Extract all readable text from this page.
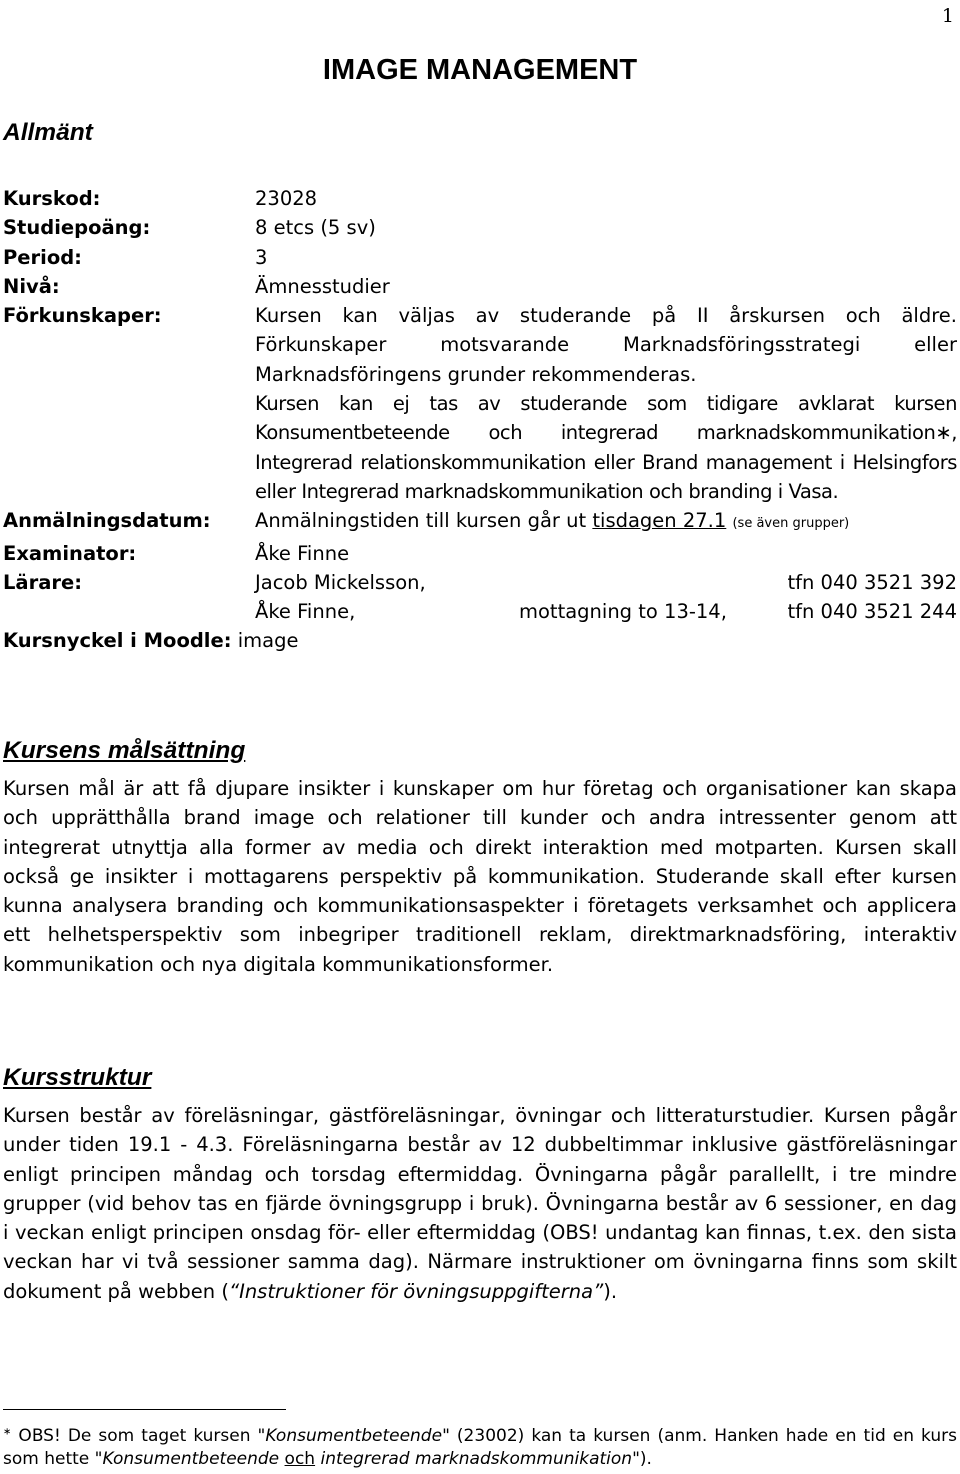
1
IMAGE MANAGEMENT
Allmänt
Kurskod:	23028
Studiepoäng:	8 etcs (5 sv)
Period:	3
Nivå:	Ämnesstudier
Förkunskaper:	Kursen kan väljas av studerande på II årskursen och äldre. Förkunskaper motsvarande Marknadsföringsstrategi eller Marknadsföringens grunder rekommenderas.
Kursen kan ej tas av studerande som tidigare avklarat kursen Konsumentbeteende och integrerad marknadskommunikation∗, Integrerad relationskommunikation eller Brand management i Helsingfors eller Integrerad marknadskommunikation och branding i Vasa.
Anmälningsdatum:	Anmälningstiden till kursen går ut tisdagen 27.1 (se även grupper)
Examinator:	Åke Finne
Lärare:	Jacob Mickelsson,	tfn 040 3521 392
Åke Finne,	mottagning to 13-14,	tfn 040 3521 244
Kursnyckel i Moodle: image
Kursens målsättning
Kursen mål är att få djupare insikter i kunskaper om hur företag och organisationer kan skapa och upprätthålla brand image och relationer till kunder och andra intressenter genom att integrerat utnyttja alla former av media och direkt interaktion med motparten. Kursen skall också ge insikter i mottagarens perspektiv på kommunikation. Studerande skall efter kursen kunna analysera branding och kommunikationsaspekter i företagets verksamhet och applicera ett helhetsperspektiv som inbegriper traditionell reklam, direktmarknadsföring, interaktiv kommunikation och nya digitala kommunikationsformer.
Kursstruktur
Kursen består av föreläsningar, gästföreläsningar, övningar och litteraturstudier. Kursen pågår under tiden 19.1 - 4.3. Föreläsningarna består av 12 dubbeltimmar inklusive gästföreläsningar enligt principen måndag och torsdag eftermiddag. Övningarna pågår parallellt, i tre mindre grupper (vid behov tas en fjärde övningsgrupp i bruk). Övningarna består av 6 sessioner, en dag i veckan enligt principen onsdag för- eller eftermiddag (OBS! undantag kan finnas, t.ex. den sista veckan har vi två sessioner samma dag). Närmare instruktioner om övningarna finns som skilt dokument på webben (“Instruktioner för övningsuppgifterna”).
∗ OBS! De som taget kursen "Konsumentbeteende" (23002) kan ta kursen (anm. Hanken hade en tid en kurs som hette "Konsumentbeteende och integrerad marknadskommunikation").
